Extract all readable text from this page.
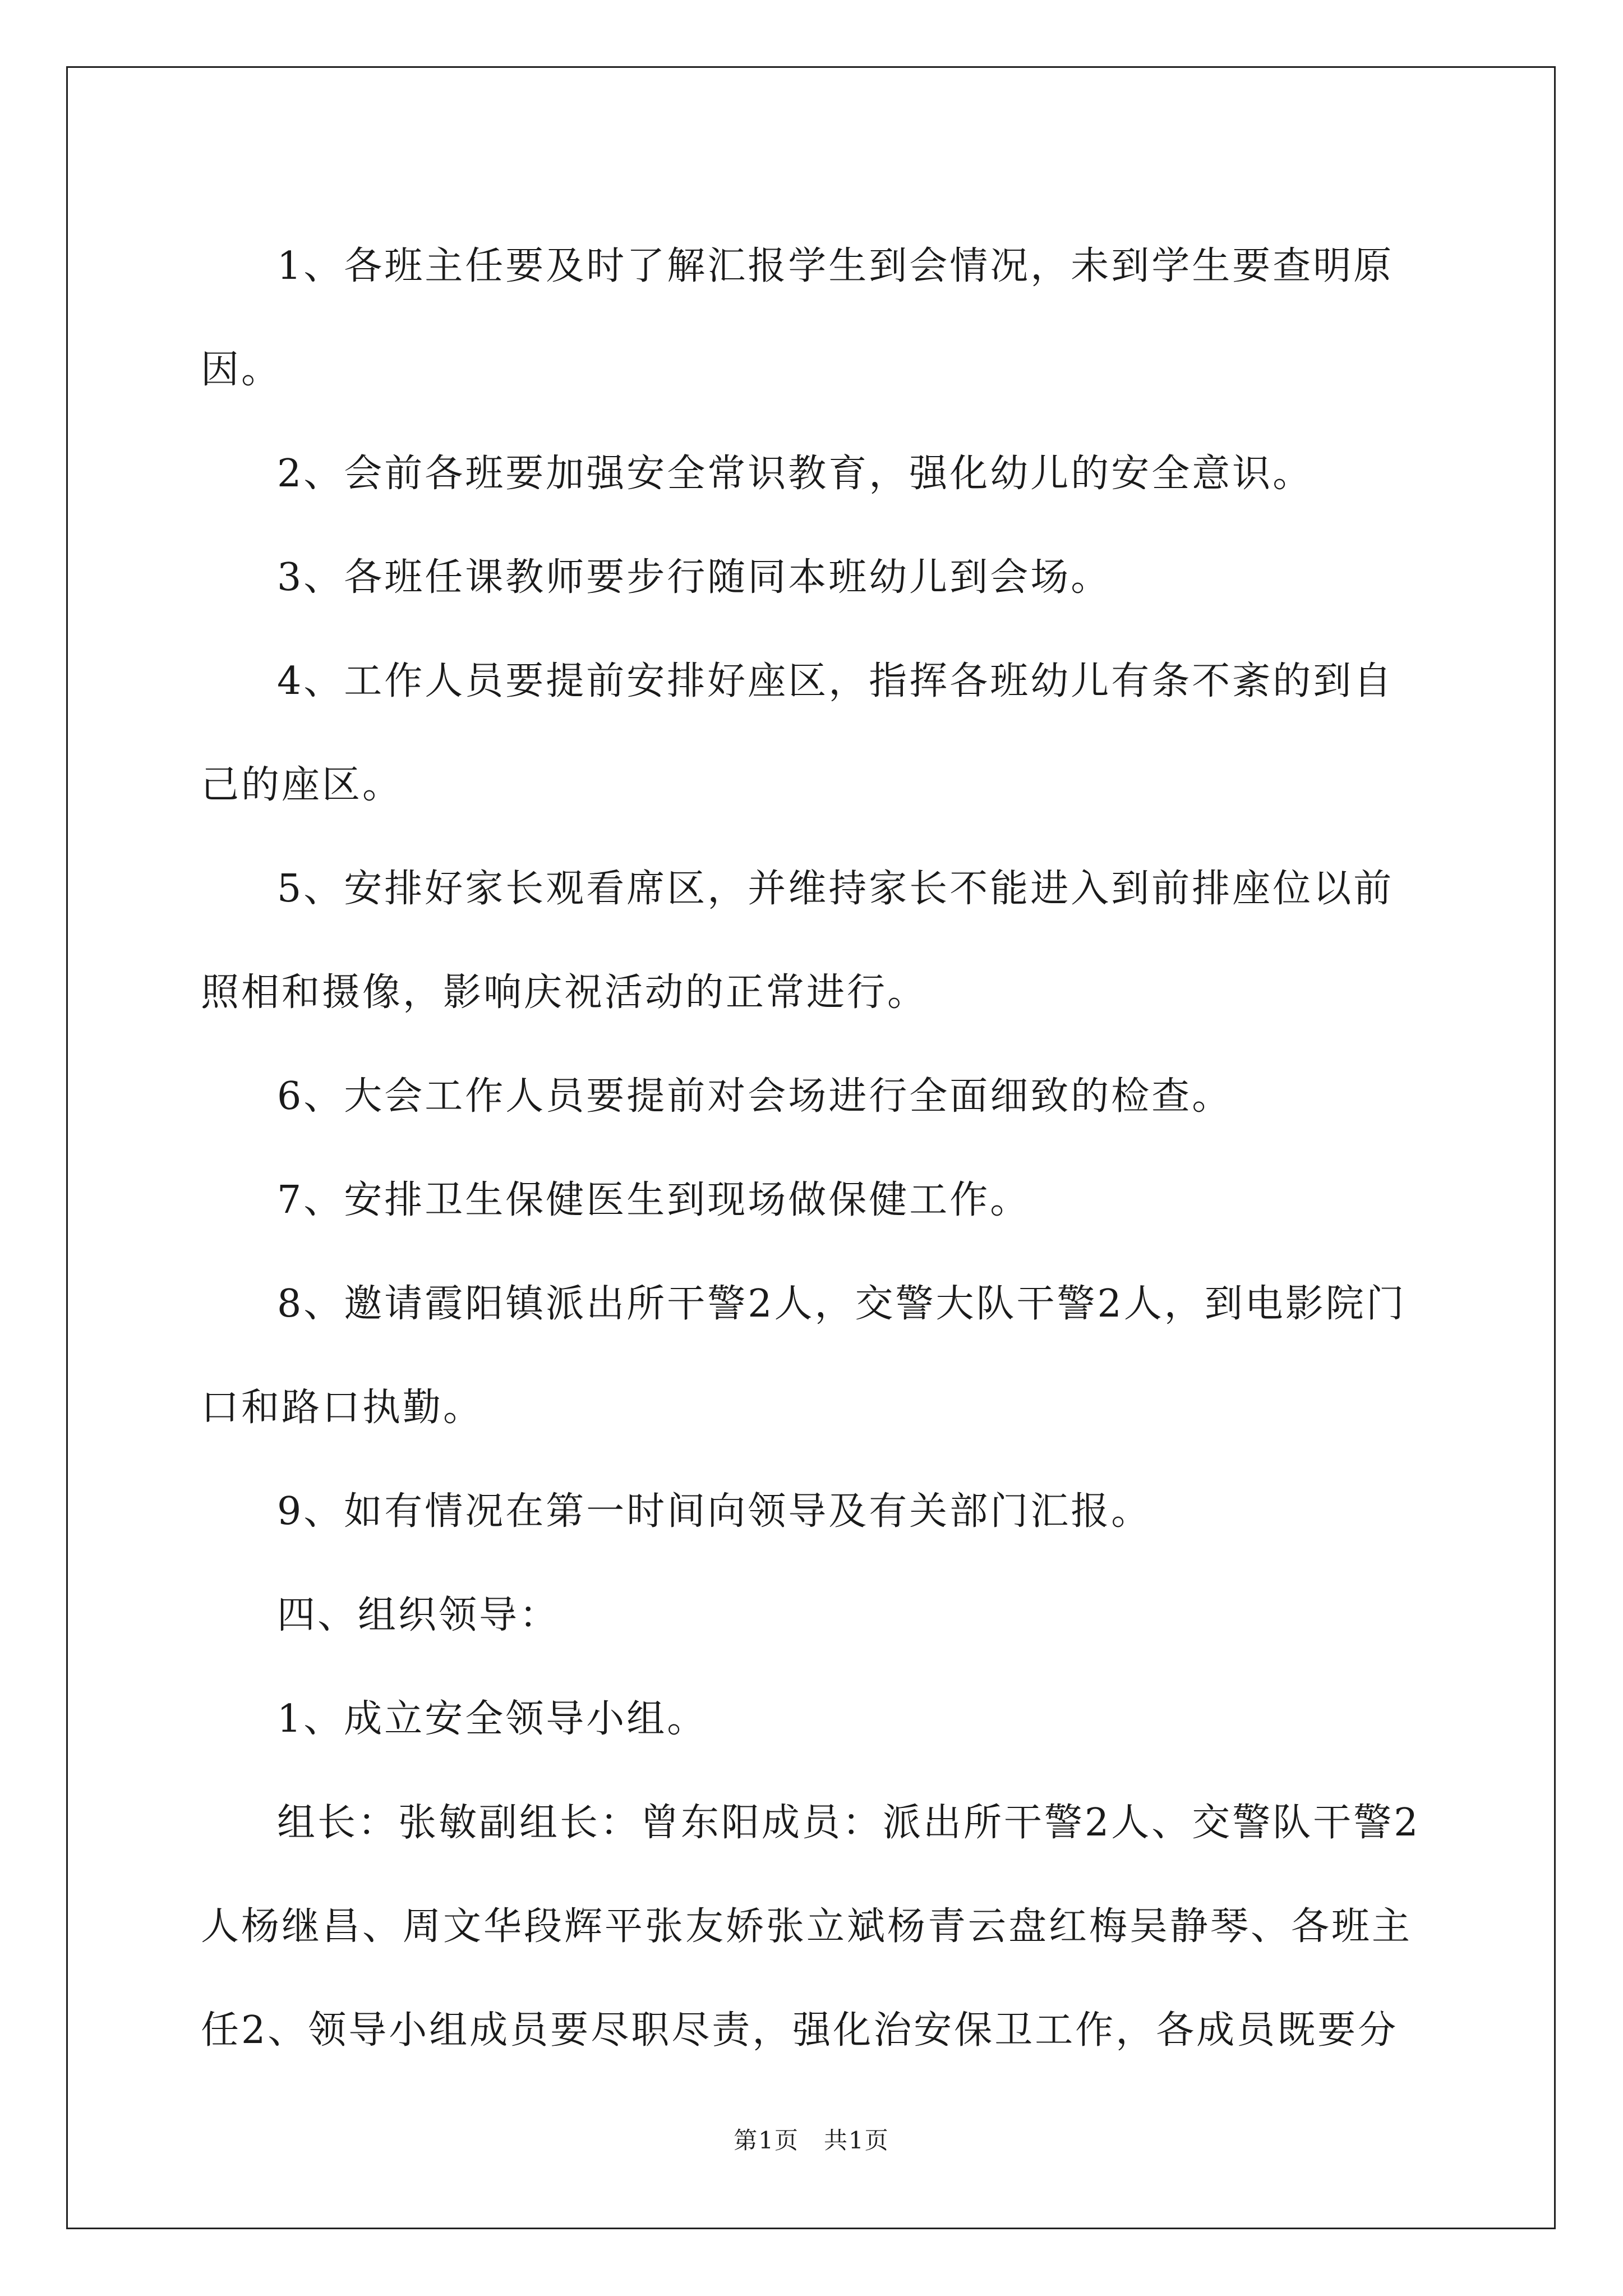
1、各班主任要及时了解汇报学生到会情况，未到学生要查明原因。

2、会前各班要加强安全常识教育，强化幼儿的安全意识。

3、各班任课教师要步行随同本班幼儿到会场。

4、工作人员要提前安排好座区，指挥各班幼儿有条不紊的到自己的座区。

5、安排好家长观看席区，并维持家长不能进入到前排座位以前照相和摄像，影响庆祝活动的正常进行。

6、大会工作人员要提前对会场进行全面细致的检查。

7、安排卫生保健医生到现场做保健工作。

8、邀请霞阳镇派出所干警2人，交警大队干警2人，到电影院门口和路口执勤。

9、如有情况在第一时间向领导及有关部门汇报。

四、组织领导：

1、成立安全领导小组。

组长：张敏副组长：曾东阳成员：派出所干警2人、交警队干警2人杨继昌、周文华段辉平张友娇张立斌杨青云盘红梅吴静琴、各班主任2、领导小组成员要尽职尽责，强化治安保卫工作，各成员既要分

第1页　共1页
